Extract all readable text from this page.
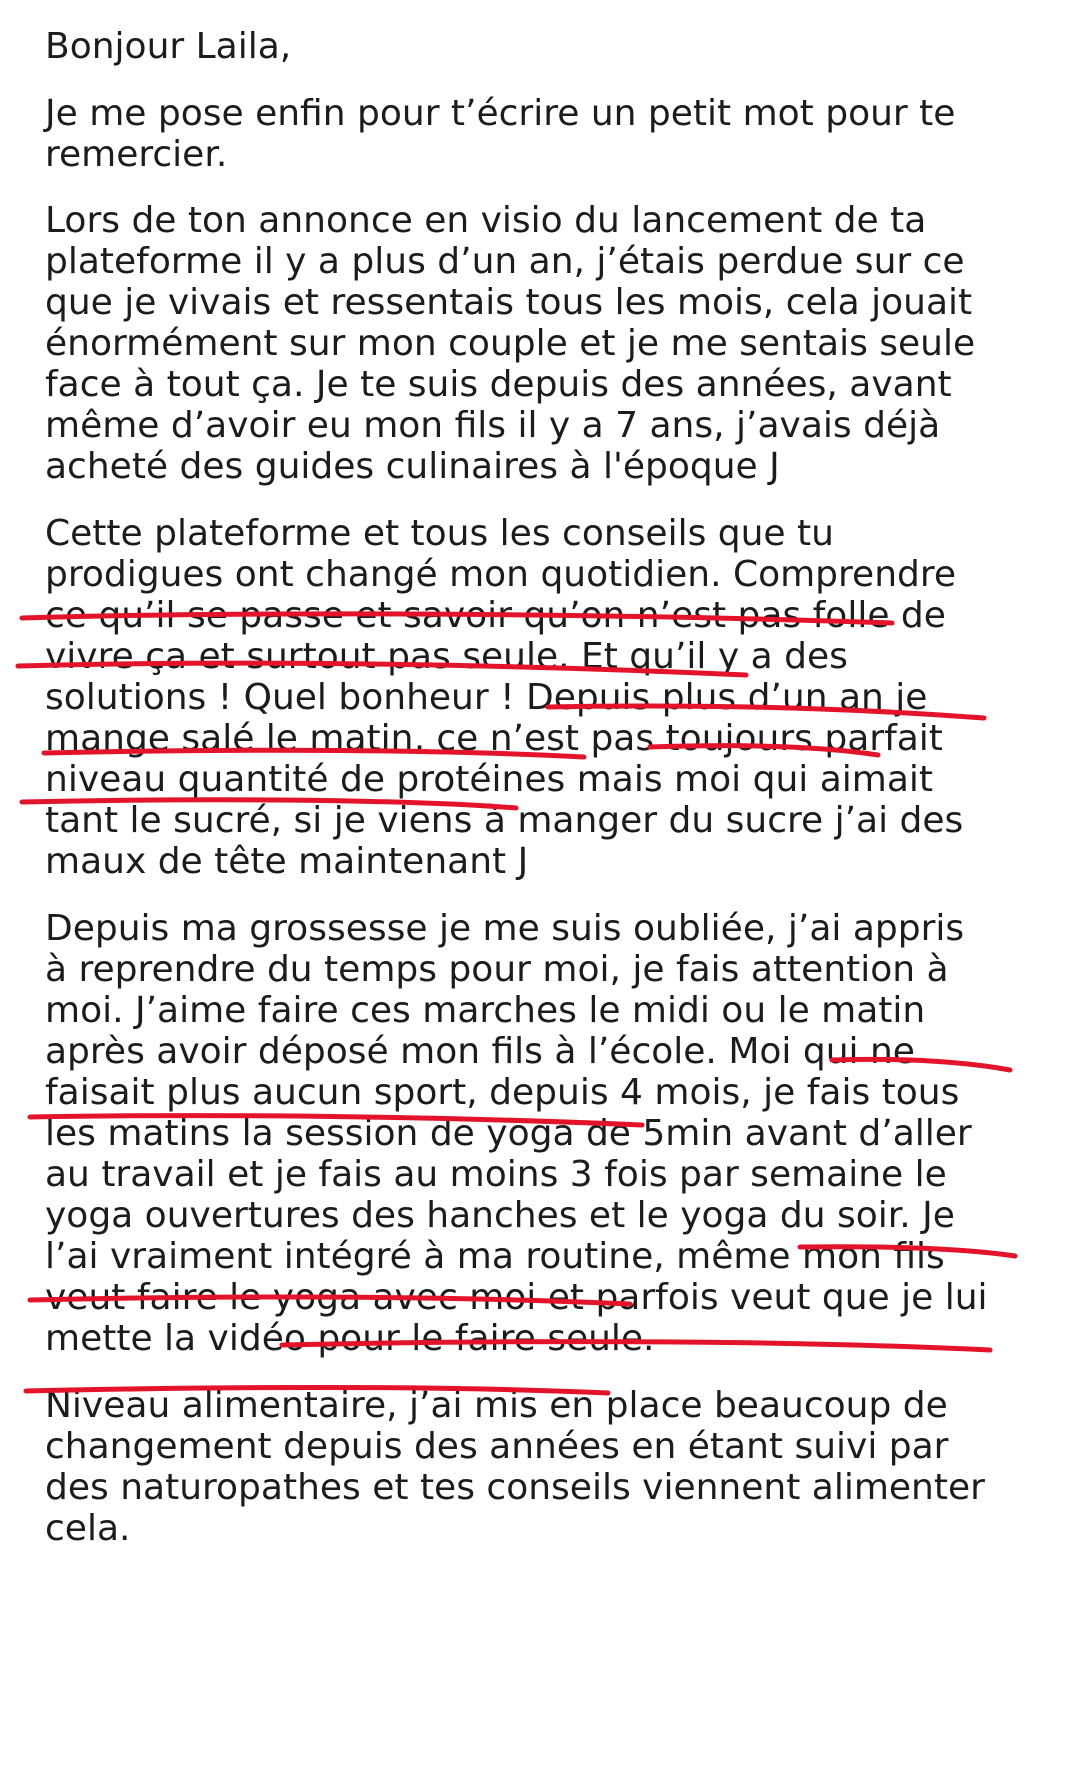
Bonjour Laila,

Je me pose enfin pour t’écrire un petit mot pour te

remercier.

Lors de ton annonce en visio du lancement de ta

plateforme il y a plus d’un an, j’étais perdue sur ce

que je vivais et ressentais tous les mois, cela jouait

énormément sur mon couple et je me sentais seule

face à tout ça. Je te suis depuis des années, avant

même d’avoir eu mon fils il y a 7 ans, j’avais déjà

acheté des guides culinaires à l'époque J

Cette plateforme et tous les conseils que tu

prodigues ont changé mon quotidien. Comprendre

ce qu’il se passe et savoir qu’on n’est pas folle de

vivre ça et surtout pas seule. Et qu’il y a des

solutions ! Quel bonheur ! Depuis plus d’un an je

mange salé le matin, ce n’est pas toujours parfait

niveau quantité de protéines mais moi qui aimait

tant le sucré, si je viens à manger du sucre j’ai des

maux de tête maintenant J

Depuis ma grossesse je me suis oubliée, j’ai appris

à reprendre du temps pour moi, je fais attention à

moi. J’aime faire ces marches le midi ou le matin

après avoir déposé mon fils à l’école. Moi qui ne

faisait plus aucun sport, depuis 4 mois, je fais tous

les matins la session de yoga de 5min avant d’aller

au travail et je fais au moins 3 fois par semaine le

yoga ouvertures des hanches et le yoga du soir. Je

l’ai vraiment intégré à ma routine, même mon fils

veut faire le yoga avec moi et parfois veut que je lui

mette la vidéo pour le faire seule.

Niveau alimentaire, j’ai mis en place beaucoup de

changement depuis des années en étant suivi par

des naturopathes et tes conseils viennent alimenter

cela.
